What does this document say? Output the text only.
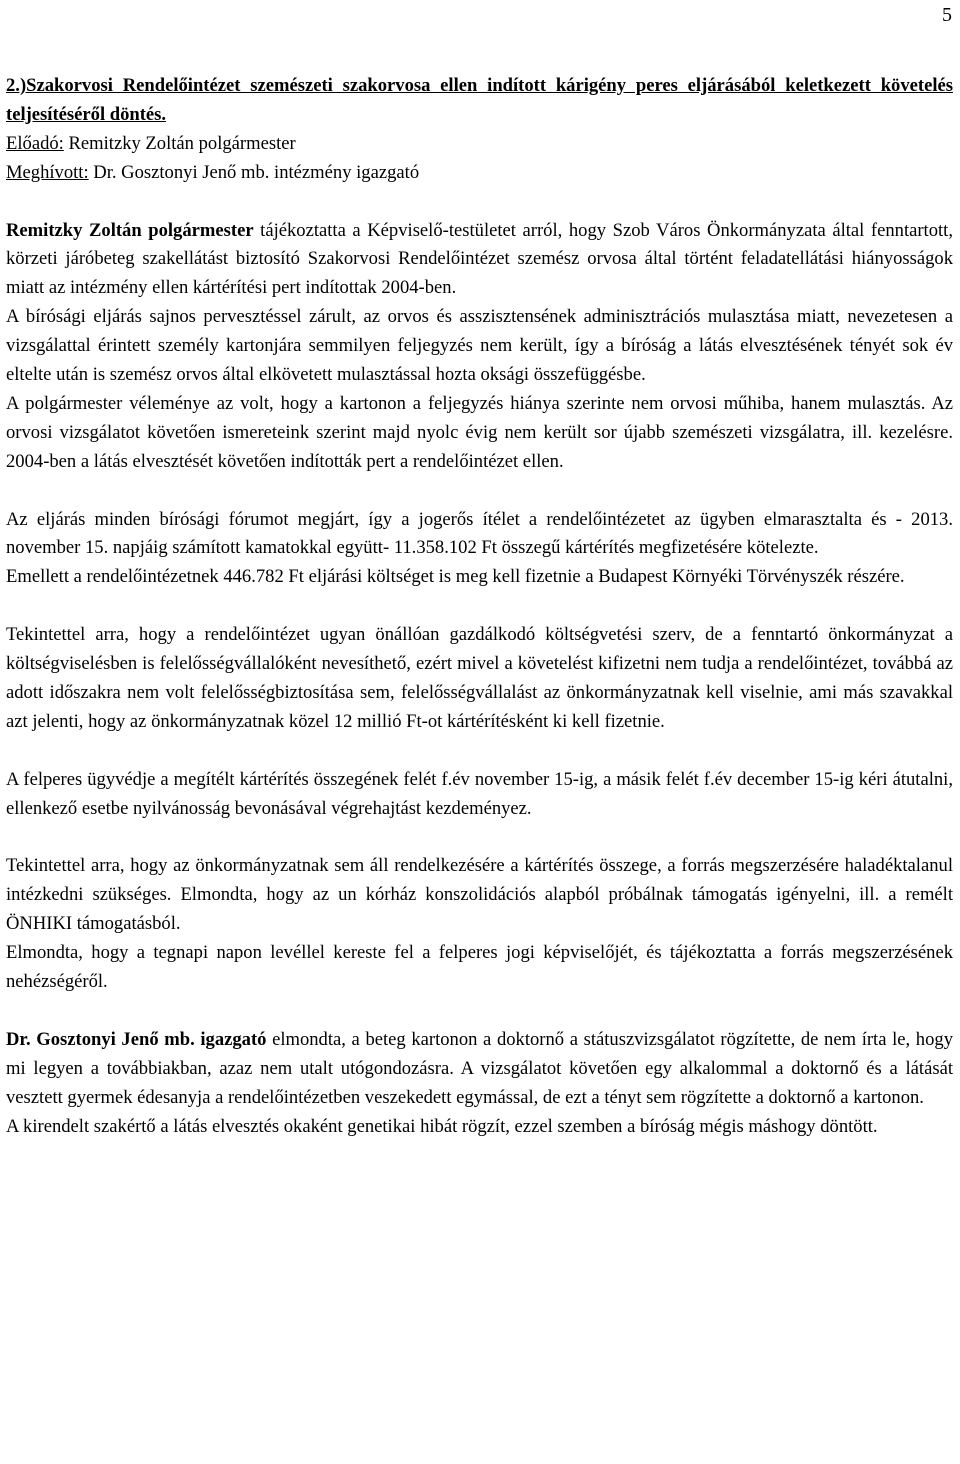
5
2.)Szakorvosi Rendelőintézet szemészeti szakorvosa ellen indított kárigény peres eljárásából keletkezett követelés teljesítéséről döntés.
Előadó: Remitzky Zoltán polgármester
Meghívott: Dr. Gosztonyi Jenő mb. intézmény igazgató
Remitzky Zoltán polgármester tájékoztatta a Képviselő-testületet arról, hogy Szob Város Önkormányzata által fenntartott, körzeti járóbeteg szakellátást biztosító Szakorvosi Rendelőintézet szemész orvosa által történt feladatellátási hiányosságok miatt az intézmény ellen kártérítési pert indítottak 2004-ben.
A bírósági eljárás sajnos pervesztéssel zárult, az orvos és asszisztensének adminisztrációs mulasztása miatt, nevezetesen a vizsgálattal érintett személy kartonjára semmilyen feljegyzés nem került, így a bíróság a látás elvesztésének tényét sok év eltelte után is szemész orvos által elkövetett mulasztással hozta oksági összefüggésbe.
A polgármester véleménye az volt, hogy a kartonon a feljegyzés hiánya szerinte nem orvosi műhiba, hanem mulasztás. Az orvosi vizsgálatot követően ismereteink szerint majd nyolc évig nem került sor újabb szemészeti vizsgálatra, ill. kezelésre. 2004-ben a látás elvesztését követően indították pert a rendelőintézet ellen.
Az eljárás minden bírósági fórumot megjárt, így a jogerős ítélet a rendelőintézetet az ügyben elmarasztalta és - 2013. november 15. napjáig számított kamatokkal együtt- 11.358.102 Ft összegű kártérítés megfizetésére kötelezte.
Emellett a rendelőintézetnek 446.782 Ft eljárási költséget is meg kell fizetnie a Budapest Környéki Törvényszék részére.
Tekintettel arra, hogy a rendelőintézet ugyan önállóan gazdálkodó költségvetési szerv, de a fenntartó önkormányzat a költségviselésben is felelősségvállalóként nevesíthető, ezért mivel a követelést kifizetni nem tudja a rendelőintézet, továbbá az adott időszakra nem volt felelősségbiztosítása sem, felelősségvállalást az önkormányzatnak kell viselnie, ami más szavakkal azt jelenti, hogy az önkormányzatnak közel 12 millió Ft-ot kártérítésként ki kell fizetnie.
A felperes ügyvédje a megítélt kártérítés összegének felét f.év november 15-ig, a másik felét f.év december 15-ig kéri átutalni, ellenkező esetbe nyilvánosság bevonásával végrehajtást kezdeményez.
Tekintettel arra, hogy az önkormányzatnak sem áll rendelkezésére a kártérítés összege, a forrás megszerzésére haladéktalanul intézkedni szükséges. Elmondta, hogy az un kórház konszolidációs alapból próbálnak támogatás igényelni, ill. a remélt ÖNHIKI támogatásból.
Elmondta, hogy a tegnapi napon levéllel kereste fel a felperes jogi képviselőjét, és tájékoztatta a forrás megszerzésének nehézségéről.
Dr. Gosztonyi Jenő mb. igazgató elmondta, a beteg kartonon a doktornő a státuszvizsgálatot rögzítette, de nem írta le, hogy mi legyen a továbbiakban, azaz nem utalt utógondozásra. A vizsgálatot követően egy alkalommal a doktornő és a látását vesztett gyermek édesanyja a rendelőintézetben veszekedett egymással, de ezt a tényt sem rögzítette a doktornő a kartonon.
A kirendelt szakértő a látás elvesztés okaként genetikai hibát rögzít, ezzel szemben a bíróság mégis máshogy döntött.
